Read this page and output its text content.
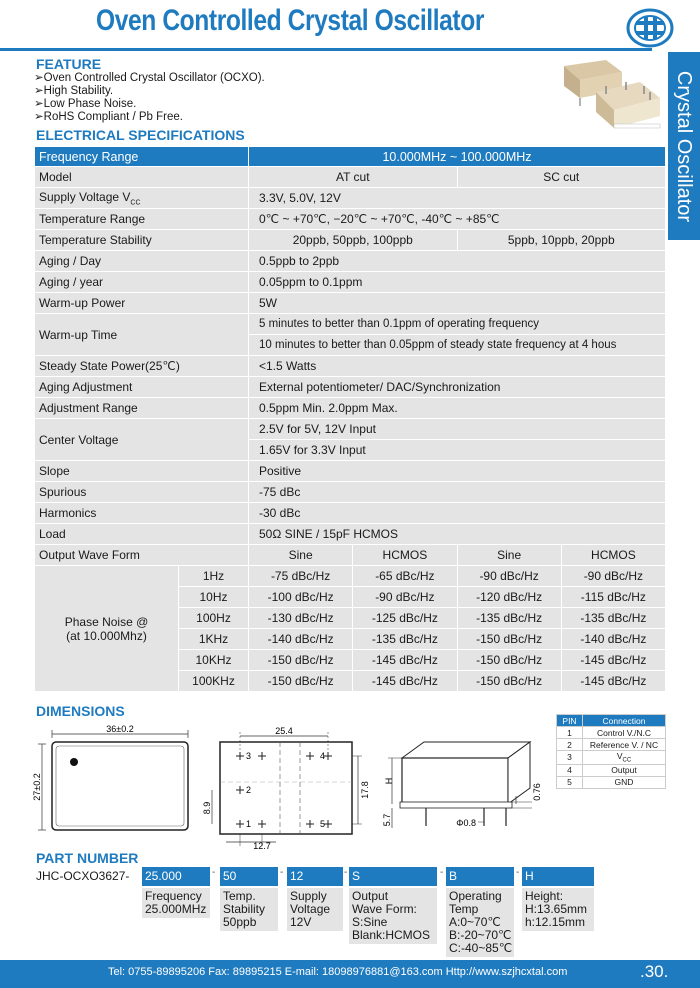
Oven Controlled Crystal Oscillator
Crystal Oscillator
FEATURE
➢Oven Controlled Crystal Oscillator (OCXO).
➢High Stability.
➢Low Phase Noise.
➢RoHS Compliant / Pb Free.
ELECTRICAL SPECIFICATIONS
Frequency Range		10.000MHz ~ 100.000MHz			
Model		AT cut		SC cut	
Supply Voltage $V_{CC}$		3.3V, 5.0V, 12V			
Temperature Range		0℃ ~ +70℃, −20℃ ~ +70℃, -40℃ ~ +85℃			
Temperature Stability		20ppb, 50ppb, 100ppb		5ppb, 10ppb, 20ppb	
Aging / Day		0.5ppb to 2ppb			
Aging / year		0.05ppm to 0.1ppm			
Warm-up Power		5W			
Warm-up Time		5 minutes to better than 0.1ppm of operating frequency			
		10 minutes to better than 0.05ppm of steady state frequency at 4 hous			
Steady State Power(25℃)		<1.5 Watts			
Aging Adjustment		External potentiometer/ DAC/Synchronization			
Adjustment Range		0.5ppm Min. 2.0ppm Max.			
Center Voltage		2.5V for 5V, 12V Input			
		1.65V for 3.3V Input			
Slope		Positive			
Spurious		-75 dBc			
Harmonics		-30 dBc			
Load		50Ω SINE / 15pF HCMOS			
Output Wave Form		Sine	HCMOS	Sine	HCMOS

Phase Noise @
(at 10.000Mhz)	1Hz	-75 dBc/Hz	-65 dBc/Hz	-90 dBc/Hz	-90 dBc/Hz
	10Hz	-100 dBc/Hz	-90 dBc/Hz	-120 dBc/Hz	-115 dBc/Hz
	100Hz	-130 dBc/Hz	-125 dBc/Hz	-135 dBc/Hz	-135 dBc/Hz
	1KHz	-140 dBc/Hz	-135 dBc/Hz	-150 dBc/Hz	-140 dBc/Hz
	10KHz	-150 dBc/Hz	-145 dBc/Hz	-150 dBc/Hz	-145 dBc/Hz
	100KHz	-150 dBc/Hz	-145 dBc/Hz	-150 dBc/Hz	-145 dBc/Hz
DIMENSIONS
36±0.2
27±0.2
25.4
3	4
2
1	5
17.8
8.9
12.7
H
5.7	Φ0.8
0.76
PIN	Connection
1	Control V./N.C
2	Reference V. / NC
3	$V_{CC}$
4	Output
5	GND
PART NUMBER
JHC-OCXO3627- 25.000	- 50	- 12	- S	- B	- H
Frequency
25.000MHz
Temp.
Stability
50ppb
Supply
Voltage
12V
Output
Wave Form:
S:Sine
Blank:HCMOS
Operating
Temp
A:0~70℃
B:-20~70℃
C:-40~85℃
Height:
H:13.65mm
h:12.15mm
Tel: 0755-89895206 Fax: 89895215 E-mail: 18098976881@163.com Http://www.szjhcxtal.com	.30.
